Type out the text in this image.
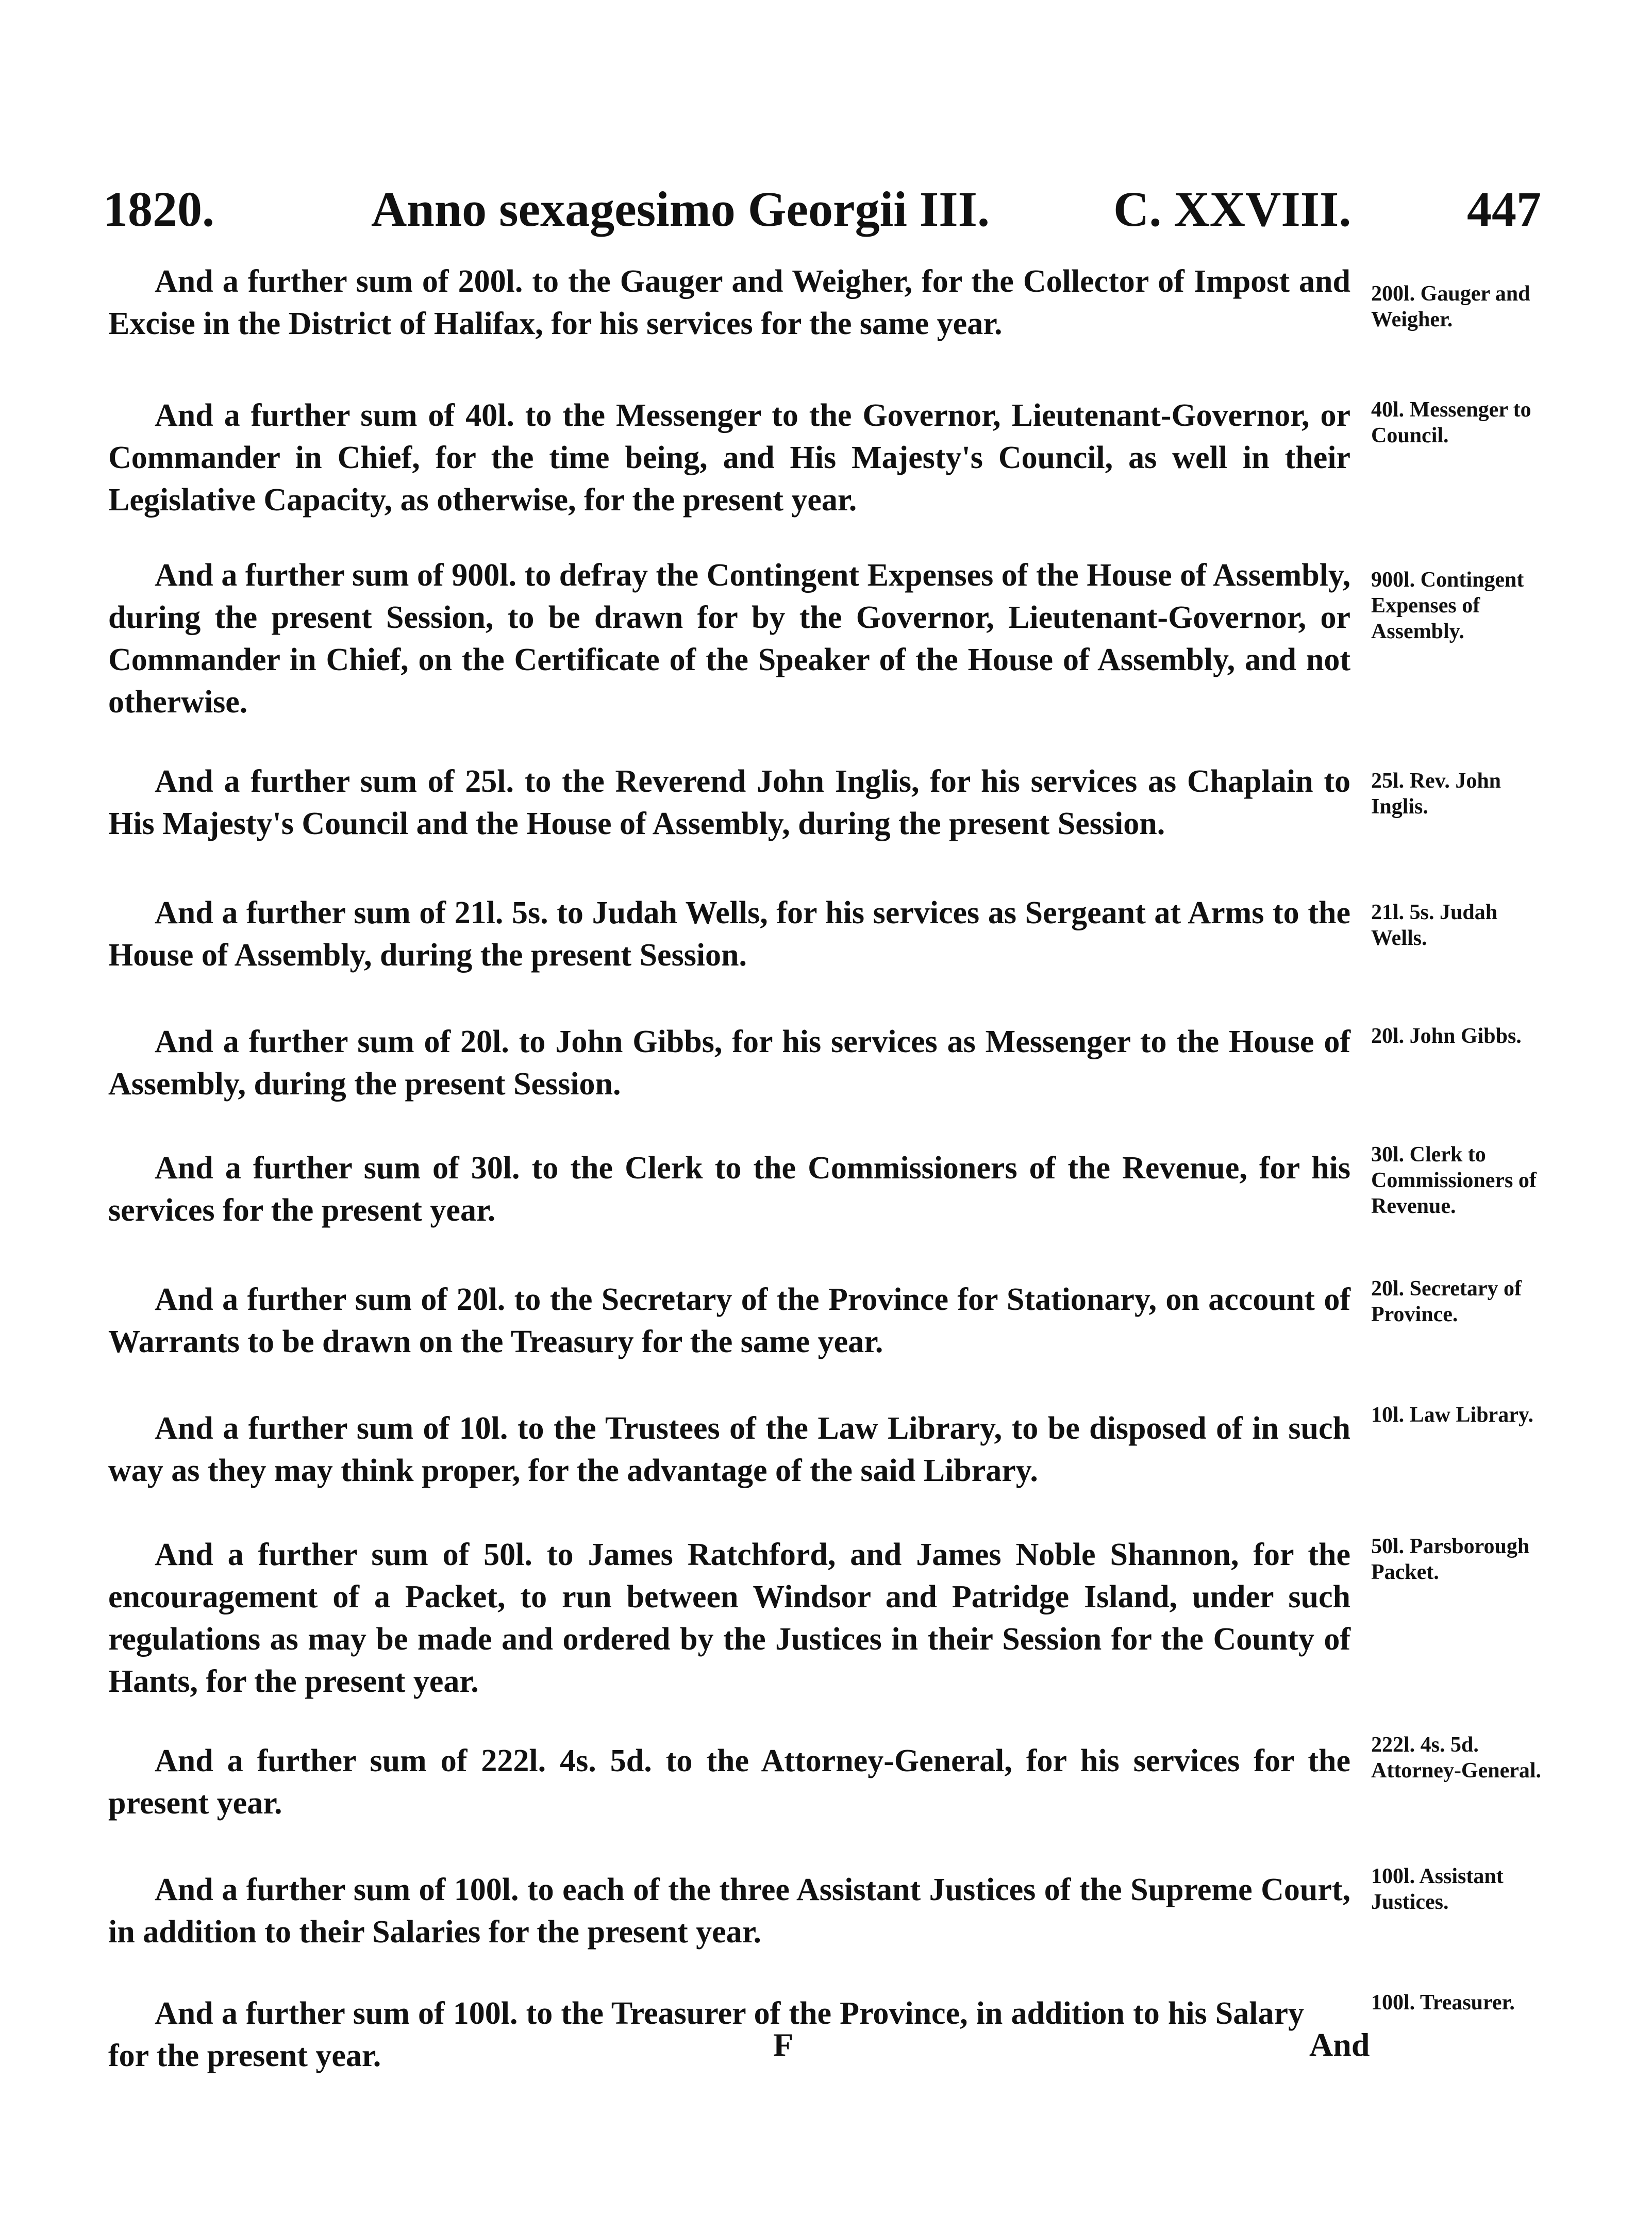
1820.	Anno sexagesimo Georgii III.	C. XXVIII. 447
And a further sum of 200l. to the Gauger and Weigher, for the Collector of Impost and Excise in the District of Halifax, for his services for the same year.
200l. Gauger and Weigher.
And a further sum of 40l. to the Messenger to the Governor, Lieutenant-Governor, or Commander in Chief, for the time being, and His Majesty's Council, as well in their Legislative Capacity, as otherwise, for the present year.
40l. Messenger to Council.
And a further sum of 900l. to defray the Contingent Expenses of the House of Assembly, during the present Session, to be drawn for by the Governor, Lieutenant-Governor, or Commander in Chief, on the Certificate of the Speaker of the House of Assembly, and not otherwise.
900l. Contingent Expenses of Assembly.
And a further sum of 25l. to the Reverend John Inglis, for his services as Chaplain to His Majesty's Council and the House of Assembly, during the present Session.
25l. Rev. John Inglis.
And a further sum of 21l. 5s. to Judah Wells, for his services as Sergeant at Arms to the House of Assembly, during the present Session.
21l. 5s. Judah Wells.
And a further sum of 20l. to John Gibbs, for his services as Messenger to the House of Assembly, during the present Session.
20l. John Gibbs.
And a further sum of 30l. to the Clerk to the Commissioners of the Revenue, for his services for the present year.
30l. Clerk to Commissioners of Revenue.
And a further sum of 20l. to the Secretary of the Province for Stationary, on account of Warrants to be drawn on the Treasury for the same year.
20l. Secretary of Province.
And a further sum of 10l. to the Trustees of the Law Library, to be disposed of in such way as they may think proper, for the advantage of the said Library.
10l. Law Library.
And a further sum of 50l. to James Ratchford, and James Noble Shannon, for the encouragement of a Packet, to run between Windsor and Patridge Island, under such regulations as may be made and ordered by the Justices in their Session for the County of Hants, for the present year.
50l. Parsborough Packet.
And a further sum of 222l. 4s. 5d. to the Attorney-General, for his services for the present year.
222l. 4s. 5d. Attorney-General.
And a further sum of 100l. to each of the three Assistant Justices of the Supreme Court, in addition to their Salaries for the present year.
100l. Assistant Justices.
And a further sum of 100l. to the Treasurer of the Province, in addition to his Salary for the present year.
100l. Treasurer.
F	And
